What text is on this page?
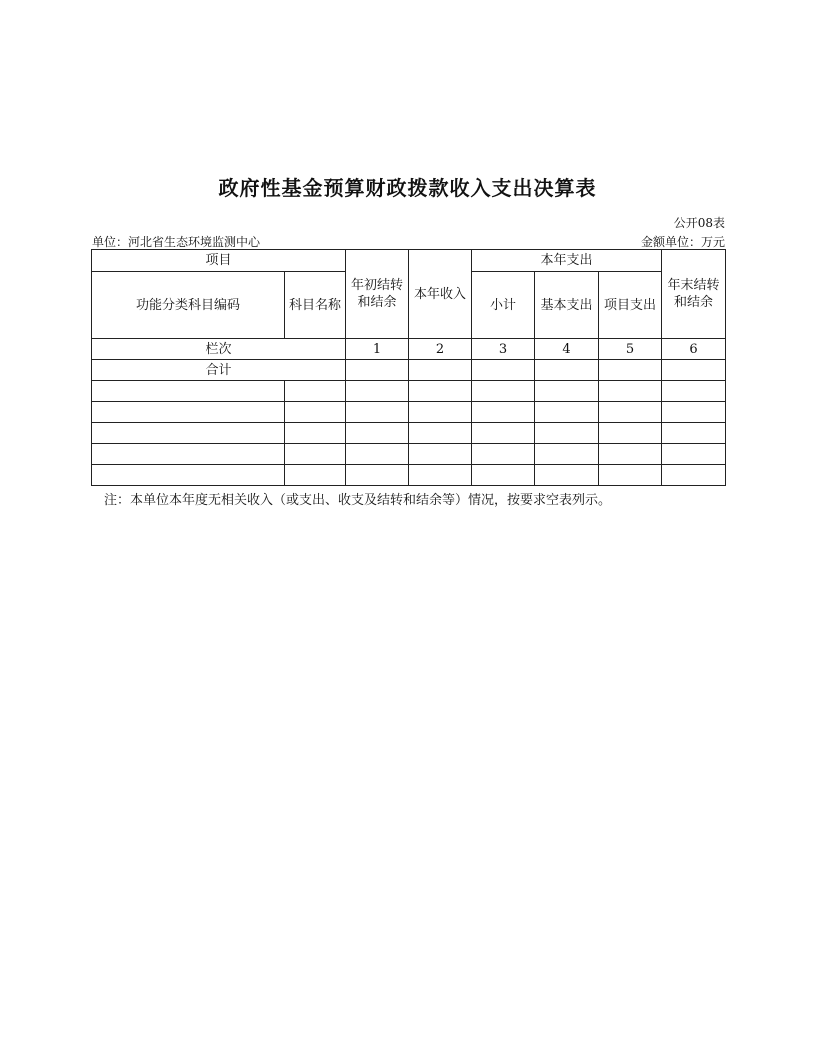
政府性基金预算财政拨款收入支出决算表
公开08表
单位：河北省生态环境监测中心	金额单位：万元
项目		年初结转和结余	本年收入	本年支出			年末结转和结余
功能分类科目编码	科目名称			小计	基本支出	项目支出	
栏次		1	2	3	4	5	6
合计							

注：本单位本年度无相关收入（或支出、收支及结转和结余等）情况，按要求空表列示。
